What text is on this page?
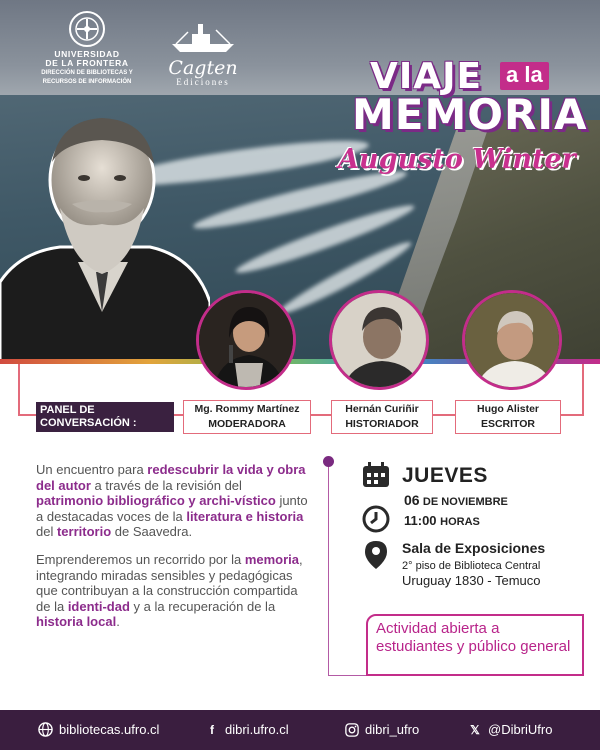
UNIVERSIDAD
DE LA FRONTERA
DIRECCIÓN DE BIBLIOTECAS Y
RECURSOS DE INFORMACIÓN
Cagten
Ediciones	VIAJE a la
MEMORIA
Augusto Winter
PANEL DE
CONVERSACIÓN :
Mg. Rommy Martínez
MODERADORA
Hernán Curiñir
HISTORIADOR
Hugo Alister
ESCRITOR

Un encuentro para redescubrir la vida y obra del autor a través de la revisión del patrimonio bibliográfico y archi-vístico junto a destacadas voces de la literatura e historia del territorio de Saavedra.

Emprenderemos un recorrido por la memoria, integrando miradas sensibles y pedagógicas que contribuyan a la construcción compartida de la identi-dad y a la recuperación de la historia local.

JUEVES
06 DE NOVIEMBRE
11:00 HORAS
Sala de Exposiciones
2° piso de Biblioteca Central
Uruguay 1830 - Temuco
Actividad abierta a estudiantes y público general
bibliotecas.ufro.cl	f dibri.ufro.cl	dibri_ufro	𝕏 @DibriUfro
